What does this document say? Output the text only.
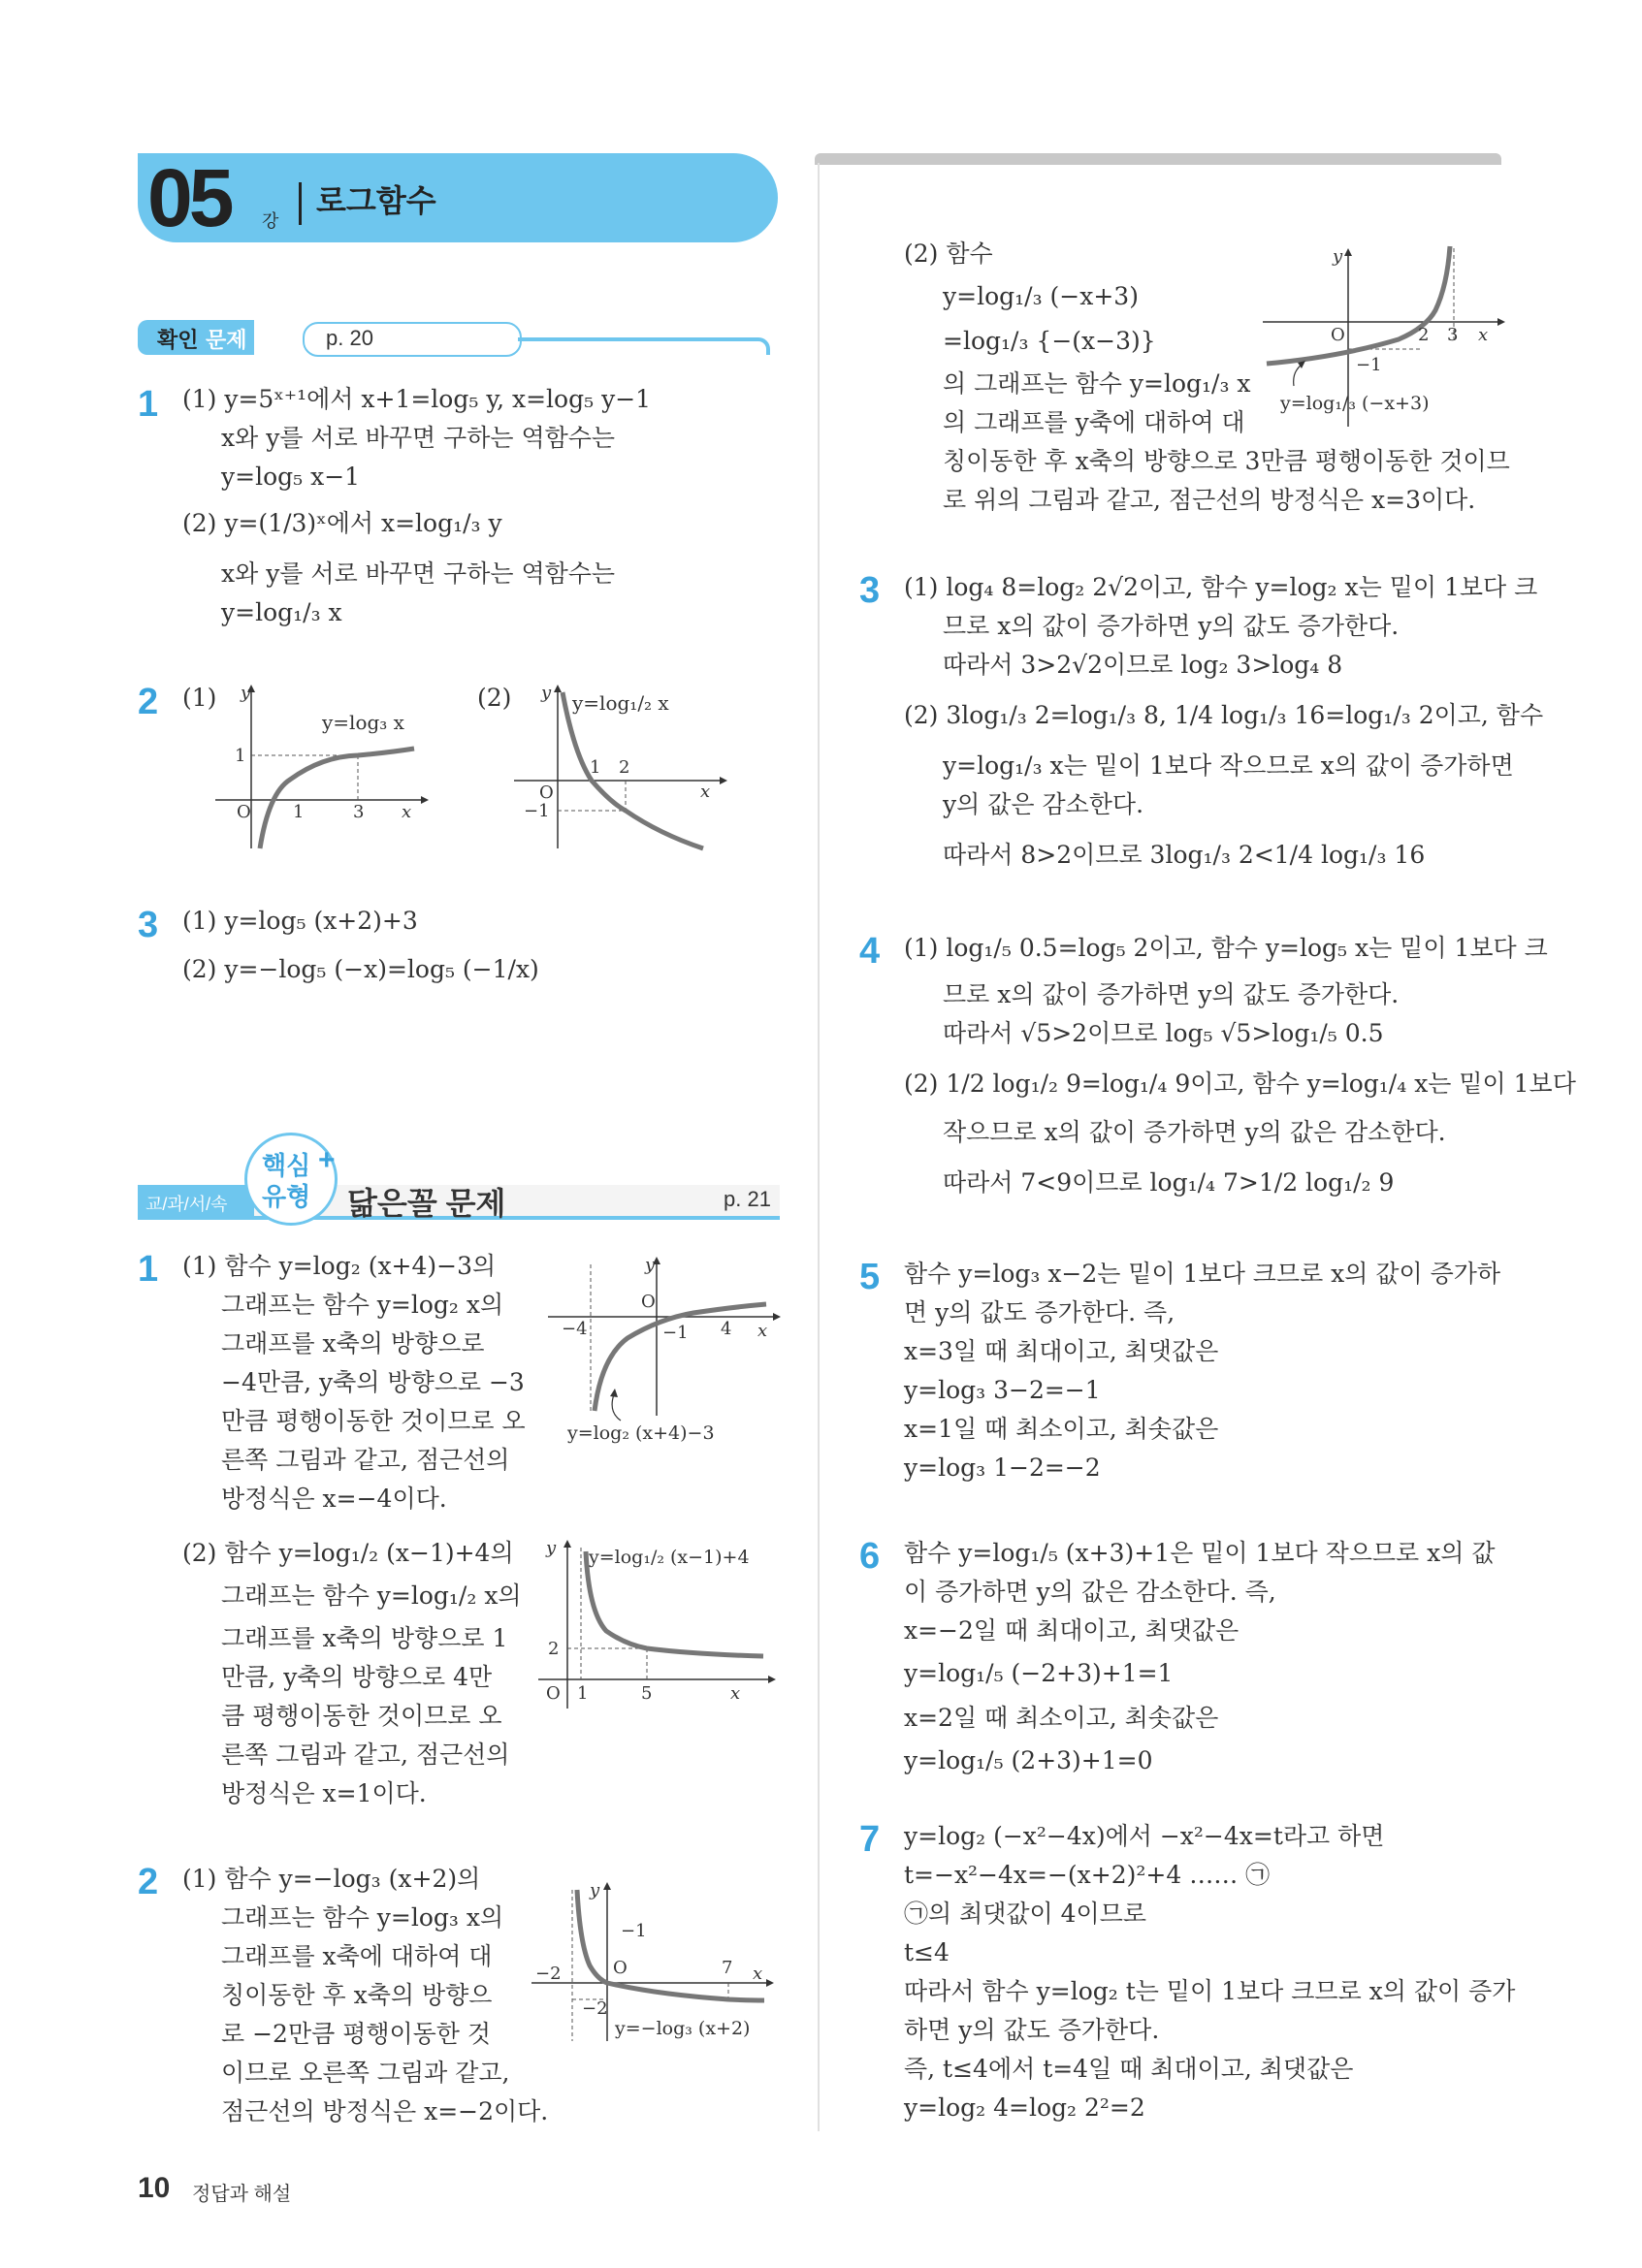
05 강
로그함수
확인 문제	p. 20
1 (1) y=5ˣ⁺¹에서 x+1=log₅ y, x=log₅ y−1
x와 y를 서로 바꾸면 구하는 역함수는
y=log₅ x−1
(2) y=(1/3)ˣ에서 x=log₁/₃ y
x와 y를 서로 바꾸면 구하는 역함수는
y=log₁/₃ x
2 (1)	(2)
y
y=log₃ x
1
O 1	3 x
y y=log₁/₂ x
1 2
O
−1
x
3 (1) y=log₅ (x+2)+3
(2) y=−log₅ (−x)=log₅ (−1/x)
교/과/서/속
핵심
유형
+
닮은꼴 문제	p. 21
1 (1) 함수 y=log₂ (x+4)−3의
그래프는 함수 y=log₂ x의
그래프를 x축의 방향으로
−4만큼, y축의 방향으로 −3
만큼 평행이동한 것이므로 오
른쪽 그림과 같고, 점근선의
방정식은 x=−4이다.
y
O
−4	−1 4 x
y=log₂ (x+4)−3
(2) 함수 y=log₁/₂ (x−1)+4의
그래프는 함수 y=log₁/₂ x의
그래프를 x축의 방향으로 1
만큼, y축의 방향으로 4만
큼 평행이동한 것이므로 오
른쪽 그림과 같고, 점근선의
방정식은 x=1이다.
y y=log₁/₂ (x−1)+4
2
O 1	5	x
2 (1) 함수 y=−log₃ (x+2)의
그래프는 함수 y=log₃ x의
그래프를 x축에 대하여 대
칭이동한 후 x축의 방향으
로 −2만큼 평행이동한 것
이므로 오른쪽 그림과 같고,
점근선의 방정식은 x=−2이다.
y
−1
O	7
−2	x
−2
y=−log₃ (x+2)
(2) 함수
y=log₁/₃ (−x+3)
=log₁/₃ {−(x−3)}
의 그래프는 함수 y=log₁/₃ x
의 그래프를 y축에 대하여 대
칭이동한 후 x축의 방향으로 3만큼 평행이동한 것이므
로 위의 그림과 같고, 점근선의 방정식은 x=3이다.
y
O	2 3 x
−1
y=log₁/₃ (−x+3)
3 (1) log₄ 8=log₂ 2√2이고, 함수 y=log₂ x는 밑이 1보다 크
므로 x의 값이 증가하면 y의 값도 증가한다.
따라서 3>2√2이므로 log₂ 3>log₄ 8
(2) 3log₁/₃ 2=log₁/₃ 8, 1/4 log₁/₃ 16=log₁/₃ 2이고, 함수
y=log₁/₃ x는 밑이 1보다 작으므로 x의 값이 증가하면
y의 값은 감소한다.
따라서 8>2이므로 3log₁/₃ 2<1/4 log₁/₃ 16
4 (1) log₁/₅ 0.5=log₅ 2이고, 함수 y=log₅ x는 밑이 1보다 크
므로 x의 값이 증가하면 y의 값도 증가한다.
따라서 √5>2이므로 log₅ √5>log₁/₅ 0.5
(2) 1/2 log₁/₂ 9=log₁/₄ 9이고, 함수 y=log₁/₄ x는 밑이 1보다
작으므로 x의 값이 증가하면 y의 값은 감소한다.
따라서 7<9이므로 log₁/₄ 7>1/2 log₁/₂ 9
5 함수 y=log₃ x−2는 밑이 1보다 크므로 x의 값이 증가하
면 y의 값도 증가한다. 즉,
x=3일 때 최대이고, 최댓값은
y=log₃ 3−2=−1
x=1일 때 최소이고, 최솟값은
y=log₃ 1−2=−2
6 함수 y=log₁/₅ (x+3)+1은 밑이 1보다 작으므로 x의 값
이 증가하면 y의 값은 감소한다. 즉,
x=−2일 때 최대이고, 최댓값은
y=log₁/₅ (−2+3)+1=1
x=2일 때 최소이고, 최솟값은
y=log₁/₅ (2+3)+1=0
7 y=log₂ (−x²−4x)에서 −x²−4x=t라고 하면
t=−x²−4x=−(x+2)²+4 …… ㉠
㉠의 최댓값이 4이므로
t≤4
따라서 함수 y=log₂ t는 밑이 1보다 크므로 x의 값이 증가
하면 y의 값도 증가한다.
즉, t≤4에서 t=4일 때 최대이고, 최댓값은
y=log₂ 4=log₂ 2²=2
10 정답과 해설
